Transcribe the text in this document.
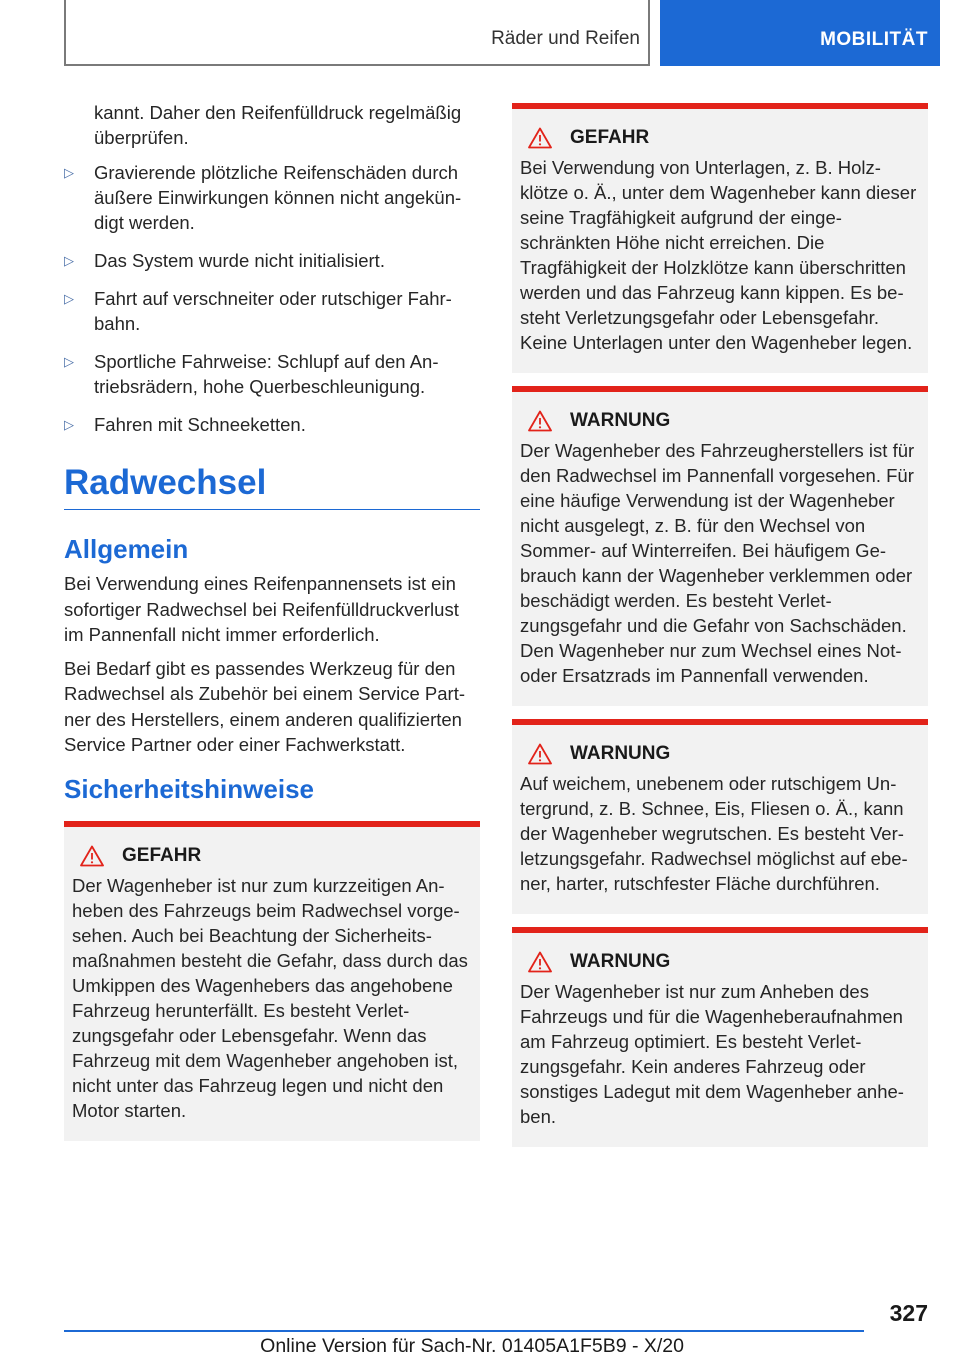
Räder und Reifen	MOBILITÄT

kannt. Daher den Reifenfülldruck regelmäßig überprüfen.

▷ Gravierende plötzliche Reifenschäden durch äußere Einwirkungen können nicht angekündigt werden.
▷ Das System wurde nicht initialisiert.
▷ Fahrt auf verschneiter oder rutschiger Fahrbahn.
▷ Sportliche Fahrweise: Schlupf auf den Antriebsrädern, hohe Querbeschleunigung.
▷ Fahren mit Schneeketten.
Radwechsel
Allgemein

Bei Verwendung eines Reifenpannensets ist ein sofortiger Radwechsel bei Reifenfülldruckverlust im Pannenfall nicht immer erforderlich.

Bei Bedarf gibt es passendes Werkzeug für den Radwechsel als Zubehör bei einem Service Partner des Herstellers, einem anderen qualifizierten Service Partner oder einer Fachwerkstatt.

Sicherheitshinweise
GEFAHR

Der Wagenheber ist nur zum kurzzeitigen Anheben des Fahrzeugs beim Radwechsel vorgesehen. Auch bei Beachtung der Sicherheitsmaßnahmen besteht die Gefahr, dass durch das Umkippen des Wagenhebers das angehobene Fahrzeug herunterfällt. Es besteht Verletzungsgefahr oder Lebensgefahr. Wenn das Fahrzeug mit dem Wagenheber angehoben ist, nicht unter das Fahrzeug legen und nicht den Motor starten.

GEFAHR

Bei Verwendung von Unterlagen, z. B. Holzklötze o. Ä., unter dem Wagenheber kann dieser seine Tragfähigkeit aufgrund der eingeschränkten Höhe nicht erreichen. Die Tragfähigkeit der Holzklötze kann überschritten werden und das Fahrzeug kann kippen. Es besteht Verletzungsgefahr oder Lebensgefahr. Keine Unterlagen unter den Wagenheber legen.

WARNUNG

Der Wagenheber des Fahrzeugherstellers ist für den Radwechsel im Pannenfall vorgesehen. Für eine häufige Verwendung ist der Wagenheber nicht ausgelegt, z. B. für den Wechsel von Sommer- auf Winterreifen. Bei häufigem Gebrauch kann der Wagenheber verklemmen oder beschädigt werden. Es besteht Verletzungsgefahr und die Gefahr von Sachschäden. Den Wagenheber nur zum Wechsel eines Not- oder Ersatzrads im Pannenfall verwenden.

WARNUNG

Auf weichem, unebenem oder rutschigem Untergrund, z. B. Schnee, Eis, Fliesen o. Ä., kann der Wagenheber wegrutschen. Es besteht Verletzungsgefahr. Radwechsel möglichst auf ebener, harter, rutschfester Fläche durchführen.

WARNUNG

Der Wagenheber ist nur zum Anheben des Fahrzeugs und für die Wagenheberaufnahmen am Fahrzeug optimiert. Es besteht Verletzungsgefahr. Kein anderes Fahrzeug oder sonstiges Ladegut mit dem Wagenheber anheben.

327
Online Version für Sach-Nr. 01405A1F5B9 - X/20
